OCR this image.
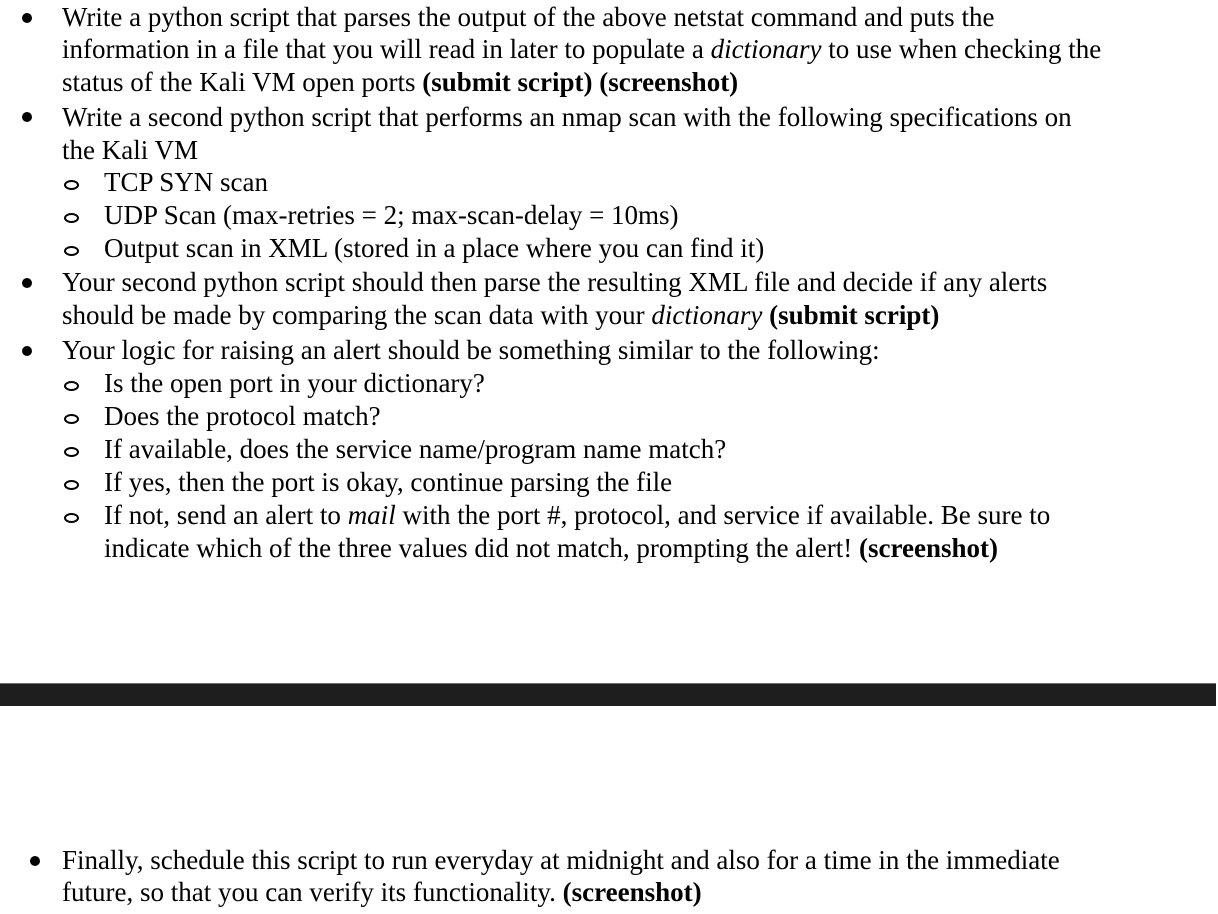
Write a python script that parses the output of the above netstat command and puts the
information in a file that you will read in later to populate a dictionary to use when checking the
status of the Kali VM open ports (submit script) (screenshot)
Write a second python script that performs an nmap scan with the following specifications on
the Kali VM
TCP SYN scan
UDP Scan (max-retries = 2; max-scan-delay = 10ms)
Output scan in XML (stored in a place where you can find it)
Your second python script should then parse the resulting XML file and decide if any alerts
should be made by comparing the scan data with your dictionary (submit script)
Your logic for raising an alert should be something similar to the following:
Is the open port in your dictionary?
Does the protocol match?
If available, does the service name/program name match?
If yes, then the port is okay, continue parsing the file
If not, send an alert to mail with the port #, protocol, and service if available. Be sure to
indicate which of the three values did not match, prompting the alert! (screenshot)
Finally, schedule this script to run everyday at midnight and also for a time in the immediate
future, so that you can verify its functionality. (screenshot)
